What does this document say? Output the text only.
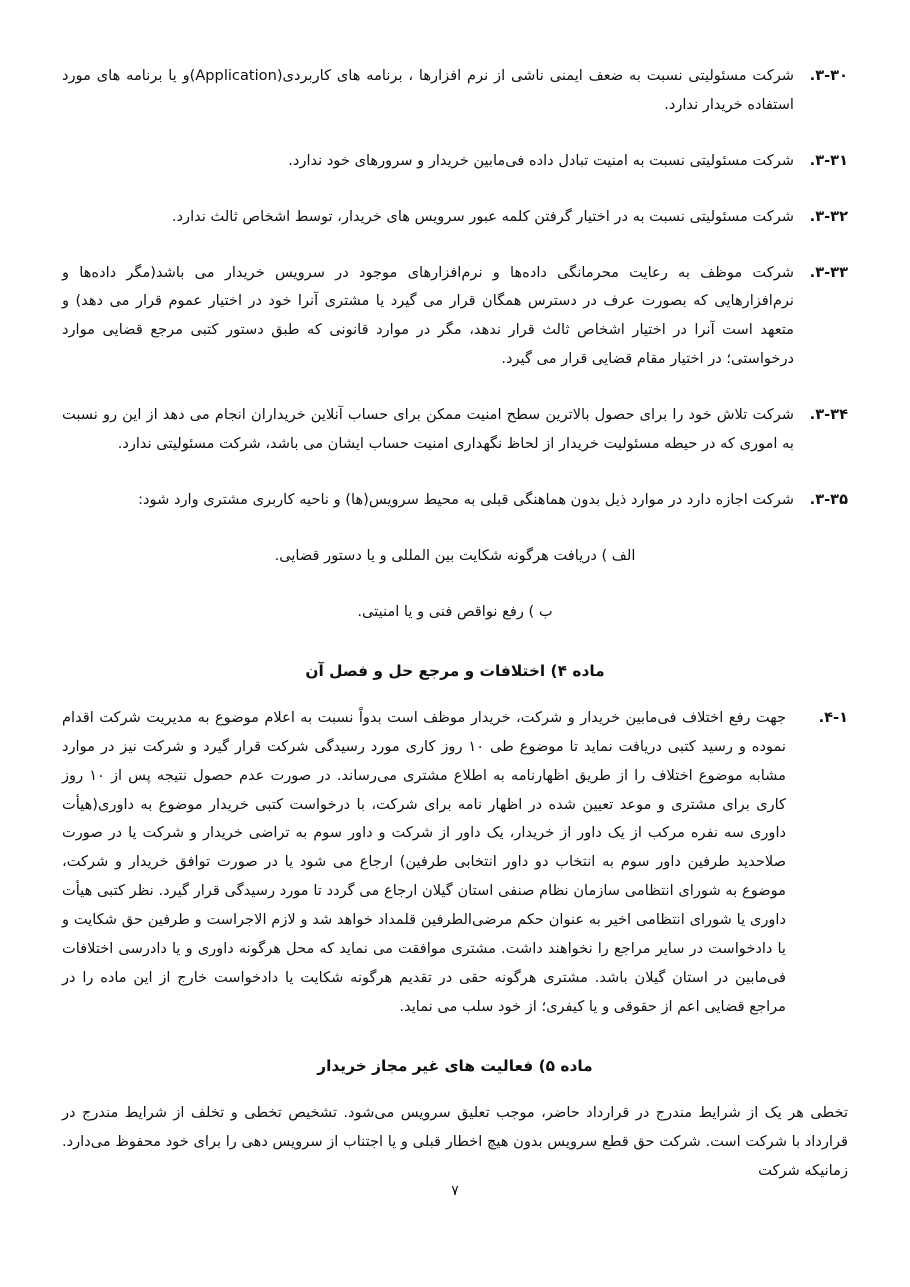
۳-۳۰.
شرکت مسئولیتی نسبت به ضعف ایمنی ناشی از نرم افزارها ، برنامه های کاربردی(Application)و یا برنامه های مورد استفاده خریدار ندارد.
۳-۳۱.
شرکت مسئولیتی نسبت به امنیت تبادل داده فی‌مابین خریدار و سرورهای خود ندارد.
۳-۳۲.
شرکت مسئولیتی نسبت به در اختیار گرفتن کلمه عبور سرویس های خریدار، توسط اشخاص ثالث ندارد.
۳-۳۳.
شرکت موظف به رعایت محرمانگی داده‌ها و نرم‌افزارهای موجود در سرویس خریدار می باشد(مگر داده‌ها و نرم‌افزارهایی که بصورت عرف در دسترس همگان قرار می گیرد یا مشتری آنرا خود در اختیار عموم قرار می دهد) و متعهد است آنرا در اختیار اشخاص ثالث قرار ندهد، مگر در موارد قانونی که طبق دستور کتبی مرجع قضایی موارد درخواستی؛ در اختیار مقام قضایی قرار می گیرد.
۳-۳۴.
شرکت تلاش خود را برای حصول بالاترین سطح امنیت ممکن برای حساب آنلاین خریداران انجام می دهد از این رو نسبت به اموری که در حیطه مسئولیت خریدار از لحاظ نگهداری امنیت حساب ایشان می باشد، شرکت مسئولیتی ندارد.
۳-۳۵.
شرکت اجازه دارد در موارد ذیل بدون هماهنگی قبلی به محیط سرویس(ها) و ناحیه کاربری مشتری وارد شود:
الف ) دریافت هرگونه شکایت بین المللی و یا دستور قضایی.
ب ) رفع نواقص فنی و یا امنیتی.
ماده ۴) اختلافات و مرجع حل و فصل آن
۴-۱.
جهت رفع اختلاف فی‌مابین خریدار و شرکت، خریدار موظف است بدواً نسبت به اعلام موضوع به مدیریت شرکت اقدام نموده و رسید کتبی دریافت نماید تا موضوع طی ۱۰ روز کاری مورد رسیدگی شرکت قرار گیرد و شرکت نیز در موارد مشابه موضوع اختلاف را از طریق اظهارنامه به اطلاع مشتری می‌رساند. در صورت عدم حصول نتیجه پس از ۱۰ روز کاری برای مشتری و موعد تعیین شده در اظهار نامه برای شرکت، با درخواست کتبی خریدار موضوع به داوری(هیأت داوری سه نفره مرکب از یک داور از خریدار، یک داور از شرکت و داور سوم به تراضی خریدار و شرکت یا در صورت صلاحدید طرفین داور سوم به انتخاب دو داور انتخابی طرفین) ارجاع می شود یا در صورت توافق خریدار و شرکت، موضوع به شورای انتظامی سازمان نظام صنفی استان گیلان ارجاع می گردد تا مورد رسیدگی قرار گیرد. نظر کتبی هیأت داوری یا شورای انتظامی اخیر به عنوان حکم مرضی‌الطرفین قلمداد خواهد شد و لازم الاجراست و طرفین حق شکایت و یا دادخواست در سایر مراجع را نخواهند داشت. مشتری موافقت می نماید که محل هرگونه داوری و یا دادرسی اختلافات فی‌مابین در استان گیلان باشد. مشتری هرگونه حقی در تقدیم هرگونه شکایت یا دادخواست خارج از این ماده را در مراجع قضایی اعم از حقوقی و یا کیفری؛ از خود سلب می نماید.
ماده ۵) فعالیت های غیر مجاز خریدار
تخطی هر یک از شرایط مندرج در قرارداد حاضر، موجب تعلیق سرویس می‌شود. تشخیص تخطی و تخلف از شرایط مندرج در قرارداد با شرکت است. شرکت حق قطع سرویس بدون هیچ اخطار قبلی و یا اجتناب از سرویس دهی را برای خود محفوظ می‌دارد. زمانیکه شرکت
۷
